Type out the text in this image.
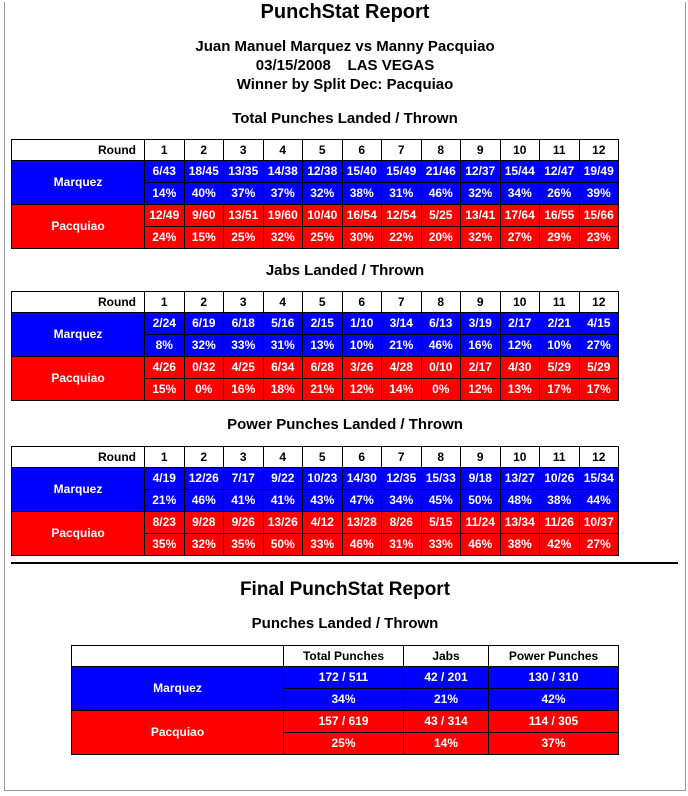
PunchStat Report
Juan Manuel Marquez vs Manny Pacquiao
03/15/2008 LAS VEGAS
Winner by Split Dec: Pacquiao
Total Punches Landed / Thrown
Round	1	2	3	4	5	6	7	8	9	10	11	12
Marquez	6/43	18/45	13/35	14/38	12/38	15/40	15/49	21/46	12/37	15/44	12/47	19/49
	14%	40%	37%	37%	32%	38%	31%	46%	32%	34%	26%	39%
Pacquiao	12/49	9/60	13/51	19/60	10/40	16/54	12/54	5/25	13/41	17/64	16/55	15/66
	24%	15%	25%	32%	25%	30%	22%	20%	32%	27%	29%	23%
Jabs Landed / Thrown
Round	1	2	3	4	5	6	7	8	9	10	11	12
Marquez	2/24	6/19	6/18	5/16	2/15	1/10	3/14	6/13	3/19	2/17	2/21	4/15
	8%	32%	33%	31%	13%	10%	21%	46%	16%	12%	10%	27%
Pacquiao	4/26	0/32	4/25	6/34	6/28	3/26	4/28	0/10	2/17	4/30	5/29	5/29
	15%	0%	16%	18%	21%	12%	14%	0%	12%	13%	17%	17%
Power Punches Landed / Thrown
Round	1	2	3	4	5	6	7	8	9	10	11	12
Marquez	4/19	12/26	7/17	9/22	10/23	14/30	12/35	15/33	9/18	13/27	10/26	15/34
	21%	46%	41%	41%	43%	47%	34%	45%	50%	48%	38%	44%
Pacquiao	8/23	9/28	9/26	13/26	4/12	13/28	8/26	5/15	11/24	13/34	11/26	10/37
	35%	32%	35%	50%	33%	46%	31%	33%	46%	38%	42%	27%
Final PunchStat Report
Punches Landed / Thrown
	Total Punches	Jabs	Power Punches
Marquez	172 / 511	42 / 201	130 / 310
	34%	21%	42%
Pacquiao	157 / 619	43 / 314	114 / 305
	25%	14%	37%
